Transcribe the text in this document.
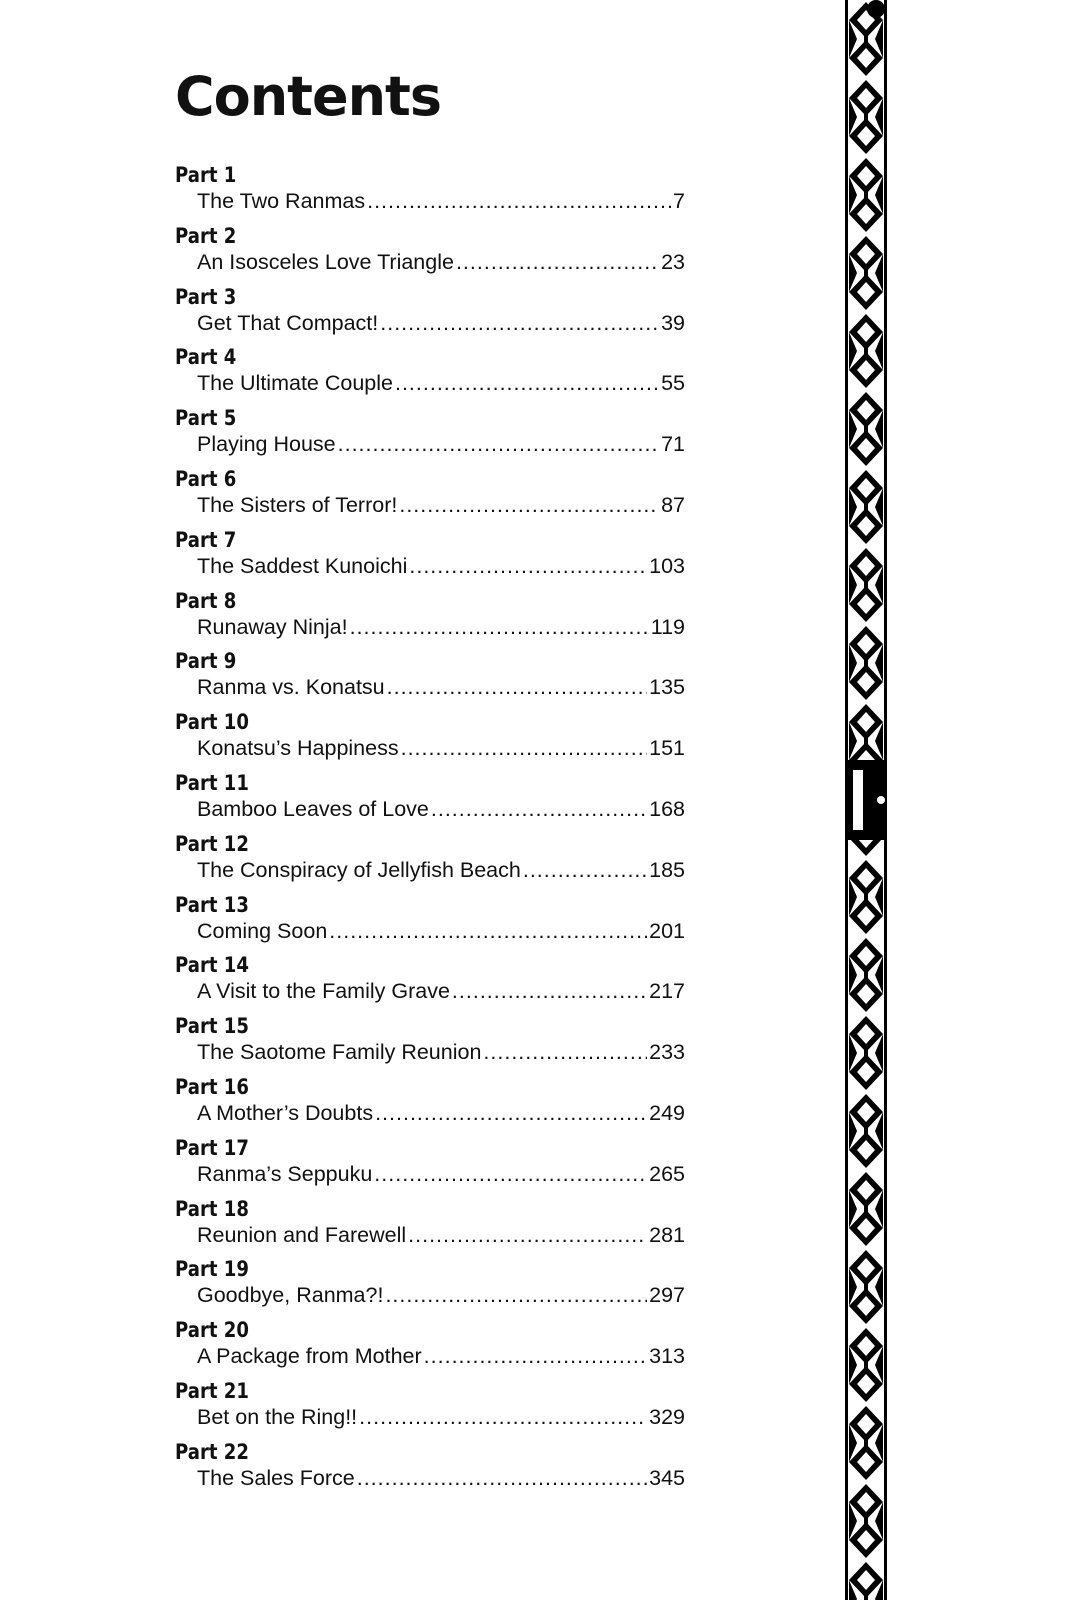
Contents
Part 1
The Two Ranmas .....	7
Part 2
An Isosceles Love Triangle .....	23
Part 3
Get That Compact! .....	39
Part 4
The Ultimate Couple .....	55
Part 5
Playing House .....	71
Part 6
The Sisters of Terror! .....	87
Part 7
The Saddest Kunoichi .....	103
Part 8
Runaway Ninja! .....	119
Part 9
Ranma vs. Konatsu .....	135
Part 10
Konatsu’s Happiness .....	151
Part 11
Bamboo Leaves of Love .....	168
Part 12
The Conspiracy of Jellyfish Beach .....	185
Part 13
Coming Soon .....	201
Part 14
A Visit to the Family Grave .....	217
Part 15
The Saotome Family Reunion .....	233
Part 16
A Mother’s Doubts .....	249
Part 17
Ranma’s Seppuku .....	265
Part 18
Reunion and Farewell .....	281
Part 19
Goodbye, Ranma?! .....	297
Part 20
A Package from Mother .....	313
Part 21
Bet on the Ring!! .....	329
Part 22
The Sales Force .....	345
